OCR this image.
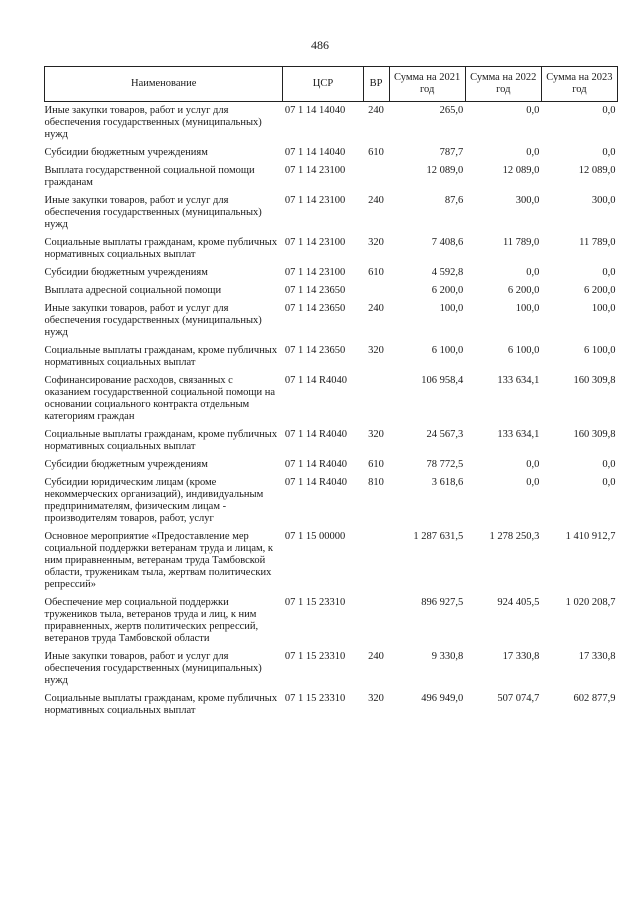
486
Наименование	ЦСР	ВР	Сумма на 2021 год	Сумма на 2022 год	Сумма на 2023 год
Иные закупки товаров, работ и услуг для обеспечения государственных (муниципальных) нужд	07 1 14 14040	240	265,0	0,0	0,0
Субсидии бюджетным учреждениям	07 1 14 14040	610	787,7	0,0	0,0
Выплата государственной социальной помощи гражданам	07 1 14 23100		12 089,0	12 089,0	12 089,0
Иные закупки товаров, работ и услуг для обеспечения государственных (муниципальных) нужд	07 1 14 23100	240	87,6	300,0	300,0
Социальные выплаты гражданам, кроме публичных нормативных социальных выплат	07 1 14 23100	320	7 408,6	11 789,0	11 789,0
Субсидии бюджетным учреждениям	07 1 14 23100	610	4 592,8	0,0	0,0
Выплата адресной социальной помощи	07 1 14 23650		6 200,0	6 200,0	6 200,0
Иные закупки товаров, работ и услуг для обеспечения государственных (муниципальных) нужд	07 1 14 23650	240	100,0	100,0	100,0
Социальные выплаты гражданам, кроме публичных нормативных социальных выплат	07 1 14 23650	320	6 100,0	6 100,0	6 100,0
Софинансирование расходов, связанных с оказанием государственной социальной помощи на основании социального контракта отдельным категориям граждан	07 1 14 R4040		106 958,4	133 634,1	160 309,8
Социальные выплаты гражданам, кроме публичных нормативных социальных выплат	07 1 14 R4040	320	24 567,3	133 634,1	160 309,8
Субсидии бюджетным учреждениям	07 1 14 R4040	610	78 772,5	0,0	0,0
Субсидии юридическим лицам (кроме некоммерческих организаций), индивидуальным предпринимателям, физическим лицам - производителям товаров, работ, услуг	07 1 14 R4040	810	3 618,6	0,0	0,0
Основное мероприятие «Предоставление мер социальной поддержки ветеранам труда и лицам, к ним приравненным, ветеранам труда Тамбовской области, труженикам тыла, жертвам политических репрессий»	07 1 15 00000		1 287 631,5	1 278 250,3	1 410 912,7
Обеспечение мер социальной поддержки тружеников тыла, ветеранов труда и лиц, к ним приравненных, жертв политических репрессий, ветеранов труда Тамбовской области	07 1 15 23310		896 927,5	924 405,5	1 020 208,7
Иные закупки товаров, работ и услуг для обеспечения государственных (муниципальных) нужд	07 1 15 23310	240	9 330,8	17 330,8	17 330,8
Социальные выплаты гражданам, кроме публичных нормативных социальных выплат	07 1 15 23310	320	496 949,0	507 074,7	602 877,9
